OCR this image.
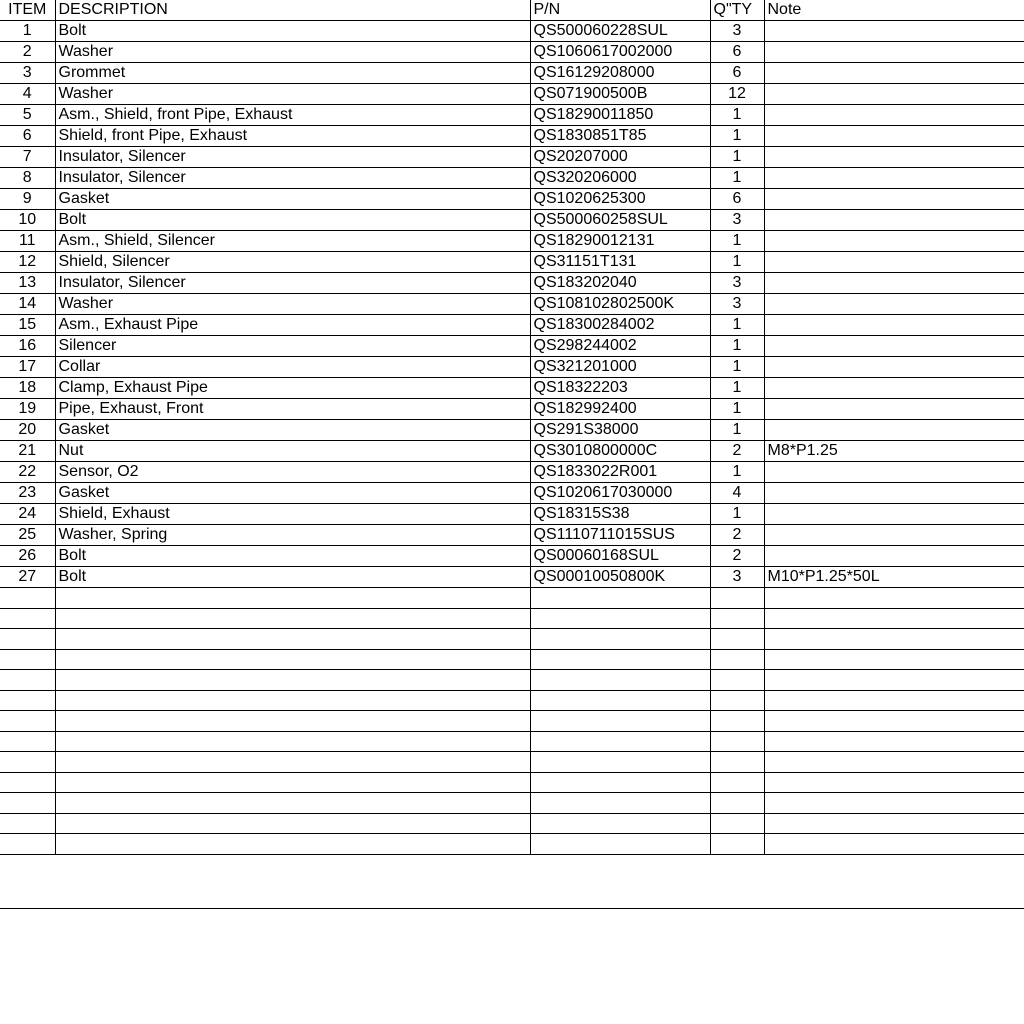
ITEM	DESCRIPTION	P/N	Q"TY	Note
1	Bolt	QS500060228SUL	3	
2	Washer	QS1060617002000	6	
3	Grommet	QS16129208000	6	
4	Washer	QS071900500B	12	
5	Asm., Shield, front Pipe, Exhaust	QS18290011850	1	
6	Shield, front Pipe, Exhaust	QS1830851T85	1	
7	Insulator, Silencer	QS20207000	1	
8	Insulator, Silencer	QS320206000	1	
9	Gasket	QS1020625300	6	
10	Bolt	QS500060258SUL	3	
11	Asm., Shield, Silencer	QS18290012131	1	
12	Shield, Silencer	QS31151T131	1	
13	Insulator, Silencer	QS183202040	3	
14	Washer	QS108102802500K	3	
15	Asm., Exhaust Pipe	QS18300284002	1	
16	Silencer	QS298244002	1	
17	Collar	QS321201000	1	
18	Clamp, Exhaust Pipe	QS18322203	1	
19	Pipe, Exhaust, Front	QS182992400	1	
20	Gasket	QS291S38000	1	
21	Nut	QS3010800000C	2	M8*P1.25
22	Sensor, O2	QS1833022R001	1	
23	Gasket	QS1020617030000	4	
24	Shield, Exhaust	QS18315S38	1	
25	Washer, Spring	QS1110711015SUS	2	
26	Bolt	QS00060168SUL	2	
27	Bolt	QS00010050800K	3	M10*P1.25*50L
